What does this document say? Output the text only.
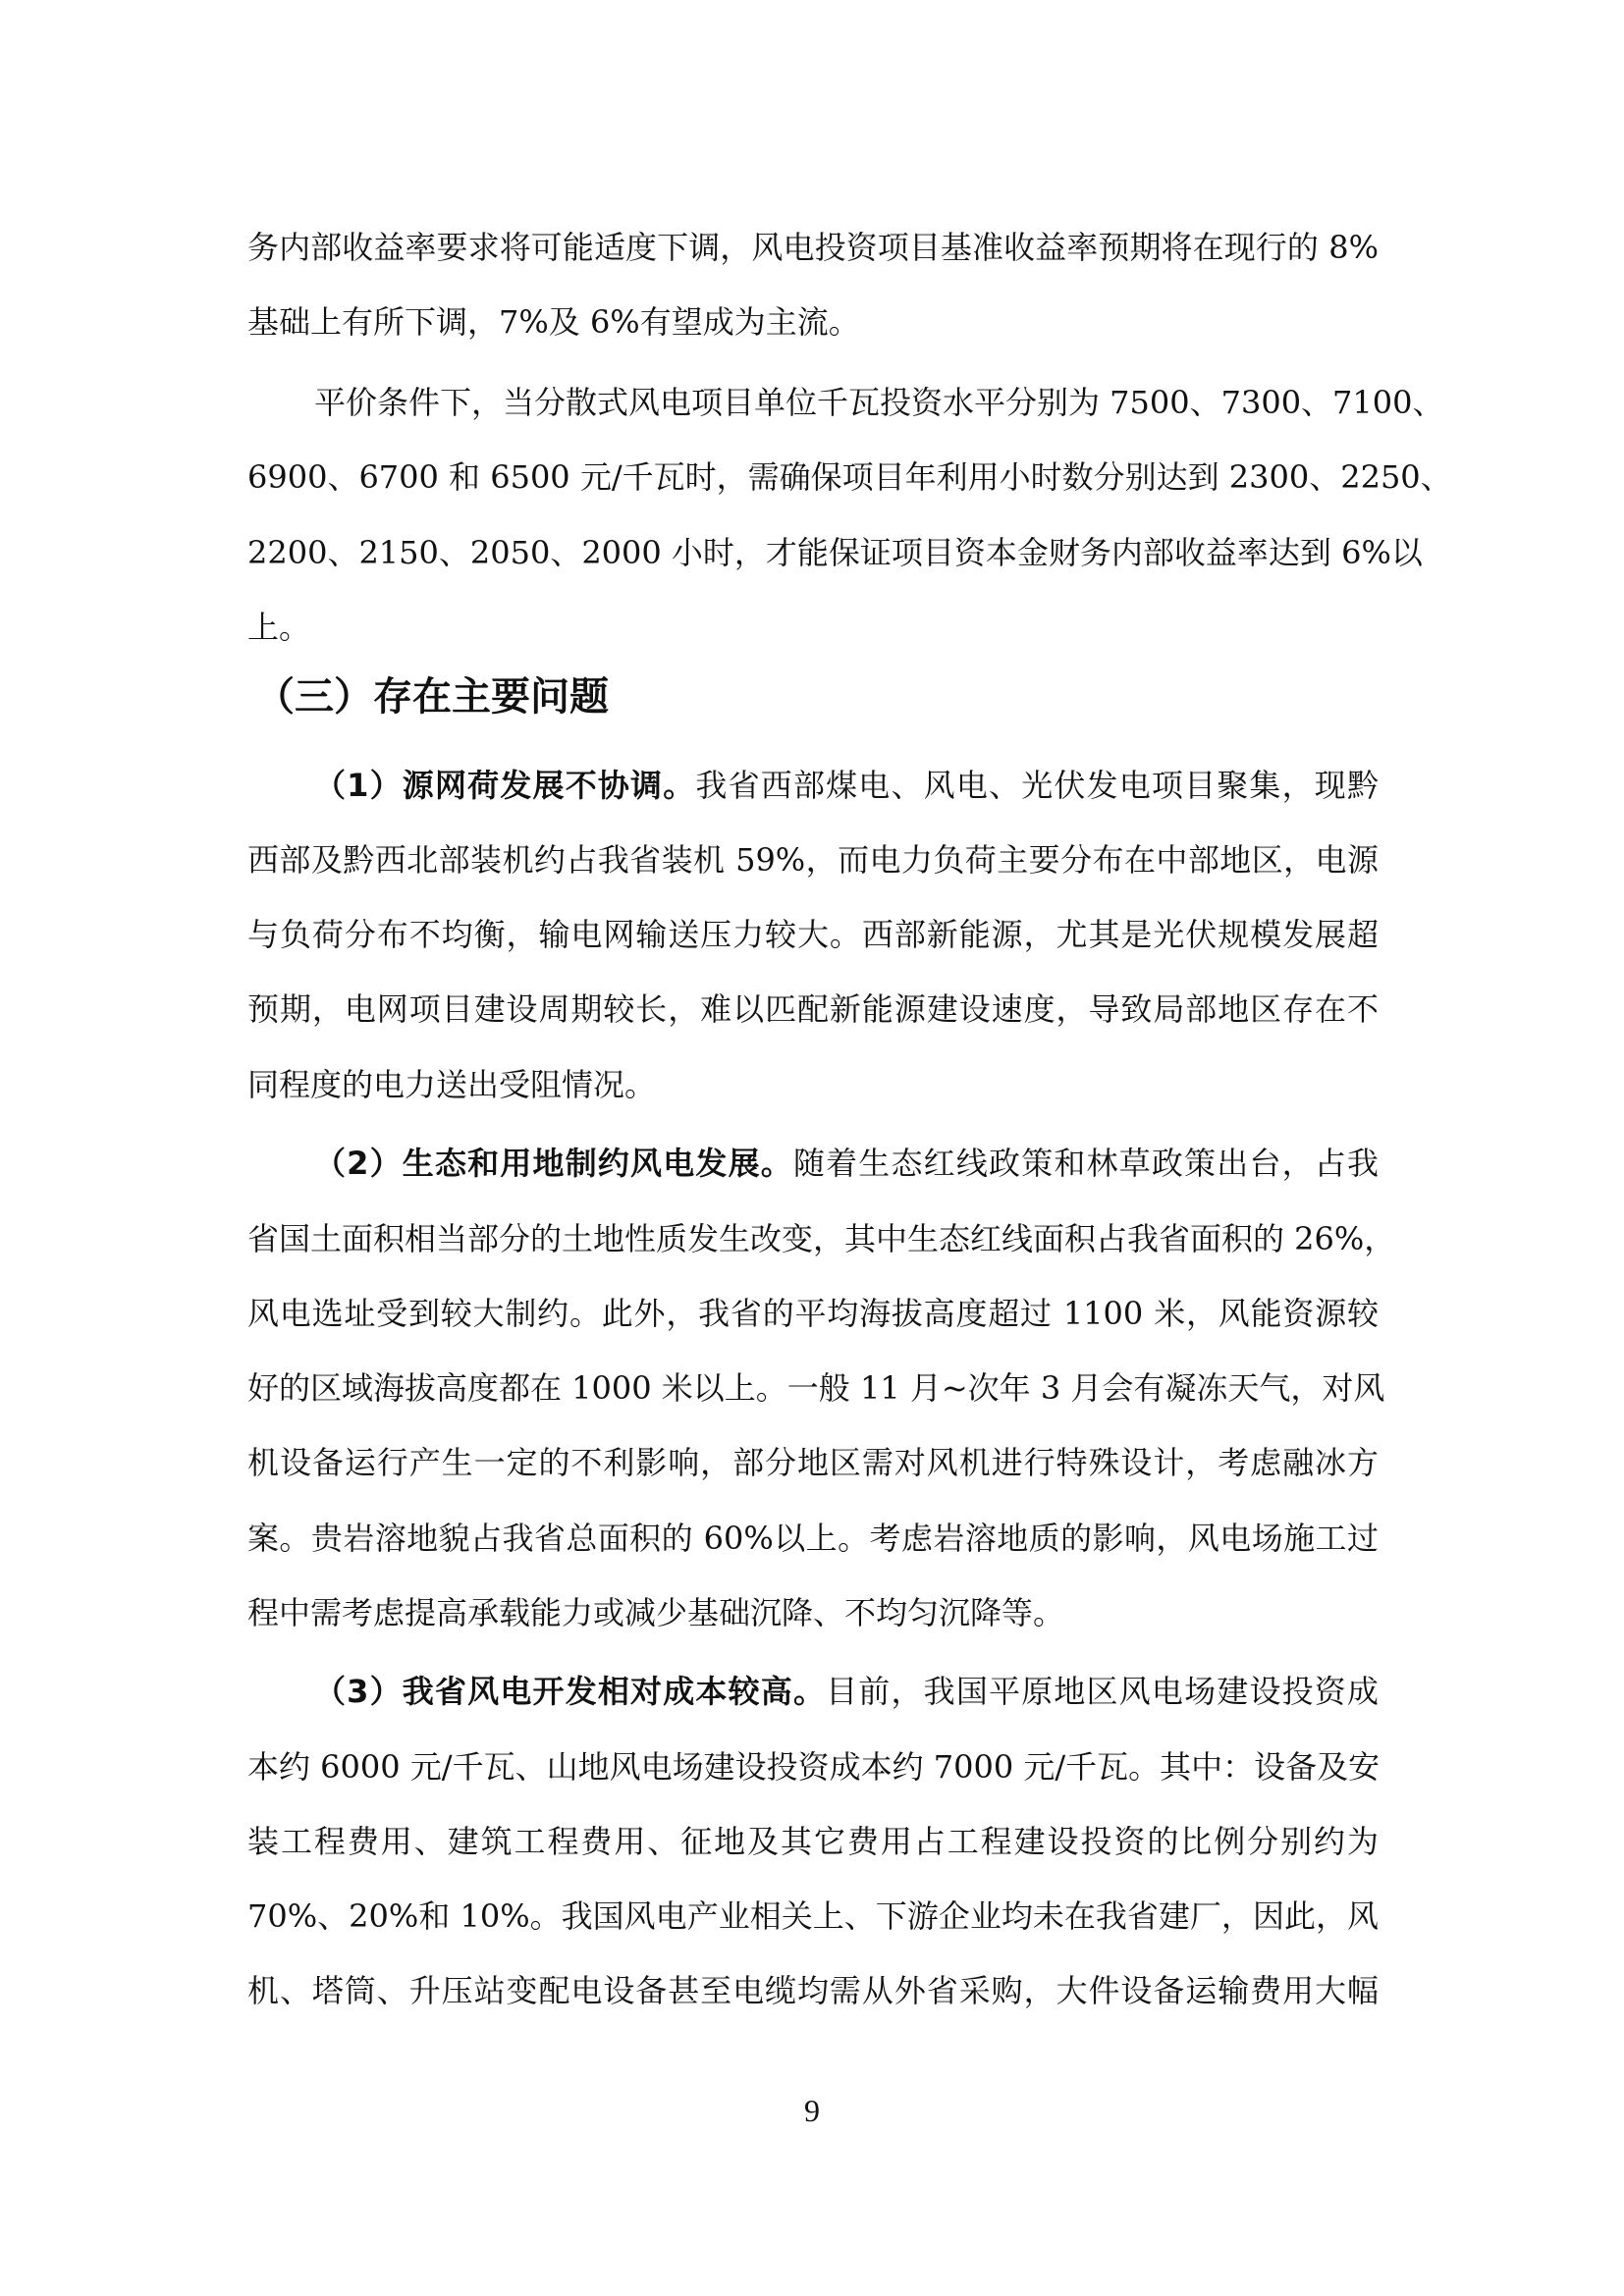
务内部收益率要求将可能适度下调，风电投资项目基准收益率预期将在现行的 8%
基础上有所下调，7%及 6%有望成为主流。
平价条件下，当分散式风电项目单位千瓦投资水平分别为 7500、7300、7100、
6900、6700 和 6500 元/千瓦时，需确保项目年利用小时数分别达到 2300、2250、
2200、2150、2050、2000 小时，才能保证项目资本金财务内部收益率达到 6%以
上。
（三）存在主要问题
（1）源网荷发展不协调。我省西部煤电、风电、光伏发电项目聚集，现黔
西部及黔西北部装机约占我省装机 59%，而电力负荷主要分布在中部地区，电源
与负荷分布不均衡，输电网输送压力较大。西部新能源，尤其是光伏规模发展超
预期，电网项目建设周期较长，难以匹配新能源建设速度，导致局部地区存在不
同程度的电力送出受阻情况。
（2）生态和用地制约风电发展。随着生态红线政策和林草政策出台，占我
省国土面积相当部分的土地性质发生改变，其中生态红线面积占我省面积的 26%，
风电选址受到较大制约。此外，我省的平均海拔高度超过 1100 米，风能资源较
好的区域海拔高度都在 1000 米以上。一般 11 月~次年 3 月会有凝冻天气，对风
机设备运行产生一定的不利影响，部分地区需对风机进行特殊设计，考虑融冰方
案。贵岩溶地貌占我省总面积的 60%以上。考虑岩溶地质的影响，风电场施工过
程中需考虑提高承载能力或减少基础沉降、不均匀沉降等。
（3）我省风电开发相对成本较高。目前，我国平原地区风电场建设投资成
本约 6000 元/千瓦、山地风电场建设投资成本约 7000 元/千瓦。其中：设备及安
装工程费用、建筑工程费用、征地及其它费用占工程建设投资的比例分别约为
70%、20%和 10%。我国风电产业相关上、下游企业均未在我省建厂，因此，风
机、塔筒、升压站变配电设备甚至电缆均需从外省采购，大件设备运输费用大幅
9
